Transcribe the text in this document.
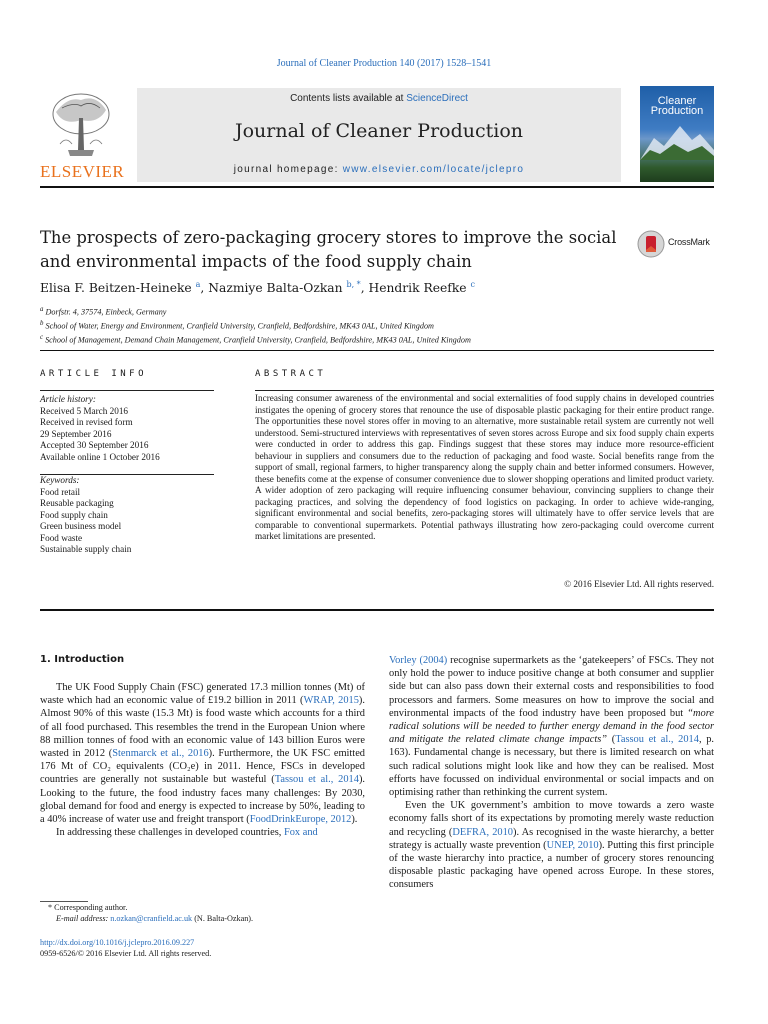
Journal of Cleaner Production 140 (2017) 1528–1541
ELSEVIER
Contents lists available at ScienceDirect
Journal of Cleaner Production
journal homepage: www.elsevier.com/locate/jclepro
Cleaner
Production
The prospects of zero-packaging grocery stores to improve the social and environmental impacts of the food supply chain
CrossMark
Elisa F. Beitzen-Heineke $^a$, Nazmiye Balta-Ozkan $^{b, *}$, Hendrik Reefke $^c$
$^a$ Dorfstr. 4, 37574, Einbeck, Germany
$^b$ School of Water, Energy and Environment, Cranfield University, Cranfield, Bedfordshire, MK43 0AL, United Kingdom
$^c$ School of Management, Demand Chain Management, Cranfield University, Cranfield, Bedfordshire, MK43 0AL, United Kingdom
ARTICLE INFO
Article history:
Received 5 March 2016
Received in revised form
29 September 2016
Accepted 30 September 2016
Available online 1 October 2016
Keywords:
Food retail
Reusable packaging
Food supply chain
Green business model
Food waste
Sustainable supply chain
ABSTRACT
Increasing consumer awareness of the environmental and social externalities of food supply chains in developed countries instigates the opening of grocery stores that renounce the use of disposable plastic packaging for their entire product range. The opportunities these novel stores offer in moving to an alternative, more sustainable retail system are currently not well understood. Semi-structured interviews with representatives of seven stores across Europe and six food supply chain experts were conducted in order to address this gap. Findings suggest that these stores may induce more resource-efficient behaviour in suppliers and consumers due to the reduction of packaging and food waste. Social benefits range from the support of small, regional farmers, to higher transparency along the supply chain and better informed consumers. However, these benefits come at the expense of consumer convenience due to slower shopping operations and limited product variety. A wider adoption of zero packaging will require influencing consumer behaviour, convincing suppliers to change their packaging practices, and solving the dependency of food logistics on packaging. In order to achieve wide-ranging, significant environmental and social benefits, zero-packaging stores will ultimately have to offer service levels that are comparable to conventional supermarkets. Potential pathways illustrating how zero-packaging could overcome current market limitations are presented.
© 2016 Elsevier Ltd. All rights reserved.
1. Introduction

The UK Food Supply Chain (FSC) generated 17.3 million tonnes (Mt) of waste which had an economic value of £19.2 billion in 2011 (WRAP, 2015). Almost 90% of this waste (15.3 Mt) is food waste which accounts for a third of all food purchased. This resembles the trend in the European Union where 88 million tonnes of food with an economic value of 143 billion Euros were wasted in 2012 (Stenmarck et al., 2016). Furthermore, the UK FSC emitted 176 Mt of CO₂ equivalents (CO₂e) in 2011. Hence, FSCs in developed countries are generally not sustainable but wasteful (Tassou et al., 2014). Looking to the future, the food industry faces many challenges: By 2030, global demand for food and energy is expected to increase by 50%, leading to a 40% increase of water use and freight transport (FoodDrinkEurope, 2012).

In addressing these challenges in developed countries, Fox and

Vorley (2004) recognise supermarkets as the ‘gatekeepers’ of FSCs. They not only hold the power to induce positive change at both consumer and supplier side but can also pass down their external costs and responsibilities to food processors and farmers. Some measures on how to improve the social and environmental impacts of the food industry have been proposed but “more radical solutions will be needed to further energy demand in the food sector and mitigate the related climate change impacts” (Tassou et al., 2014, p. 163). Fundamental change is necessary, but there is limited research on what such radical solutions might look like and how they can be realised. Most efforts have focussed on individual environmental or social impacts and on optimising rather than rethinking the current system.

Even the UK government’s ambition to move towards a zero waste economy falls short of its expectations by promoting merely waste reduction and recycling (DEFRA, 2010). As recognised in the waste hierarchy, a better strategy is actually waste prevention (UNEP, 2010). Putting this first principle of the waste hierarchy into practice, a number of grocery stores renouncing disposable plastic packaging have opened across Europe. In these stores, consumers

* Corresponding author.
E-mail address: n.ozkan@cranfield.ac.uk (N. Balta-Ozkan).
http://dx.doi.org/10.1016/j.jclepro.2016.09.227
0959-6526/© 2016 Elsevier Ltd. All rights reserved.
